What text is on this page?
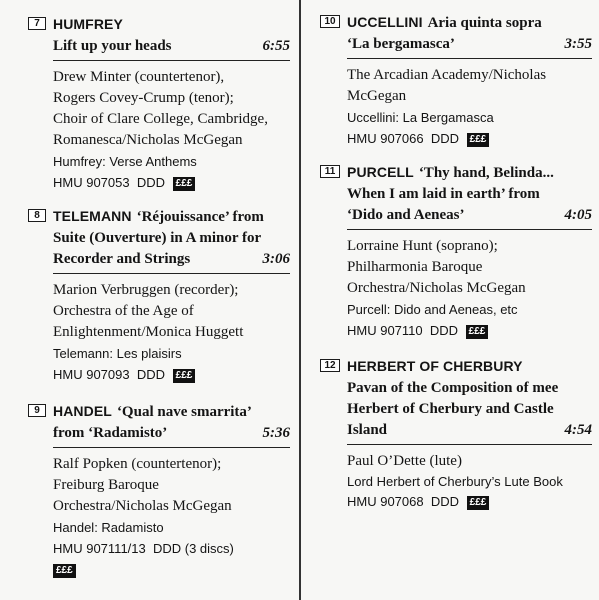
7 HUMFREY
Lift up your heads	6:55
Drew Minter (countertenor),
Rogers Covey-Crump (tenor);
Choir of Clare College, Cambridge,
Romanesca/Nicholas McGegan
Humfrey: Verse Anthems
HMU 907053 DDD £££
8 TELEMANN ‘Réjouissance’ from
Suite (Ouverture) in A minor for
Recorder and Strings	3:06
Marion Verbruggen (recorder);
Orchestra of the Age of
Enlightenment/Monica Huggett
Telemann: Les plaisirs
HMU 907093 DDD £££
9 HANDEL ‘Qual nave smarrita’
from ‘Radamisto’	5:36
Ralf Popken (countertenor);
Freiburg Baroque
Orchestra/Nicholas McGegan
Handel: Radamisto
HMU 907111/13 DDD (3 discs)
£££
10 UCCELLINI Aria quinta sopra
‘La bergamasca’	3:55
The Arcadian Academy/Nicholas
McGegan
Uccellini: La Bergamasca
HMU 907066 DDD £££
11 PURCELL ‘Thy hand, Belinda...
When I am laid in earth’ from
‘Dido and Aeneas’	4:05
Lorraine Hunt (soprano);
Philharmonia Baroque
Orchestra/Nicholas McGegan
Purcell: Dido and Aeneas, etc
HMU 907110 DDD £££
12 HERBERT OF CHERBURY
Pavan of the Composition of mee
Herbert of Cherbury and Castle
Island	4:54
Paul O’Dette (lute)
Lord Herbert of Cherbury’s Lute Book
HMU 907068 DDD £££
